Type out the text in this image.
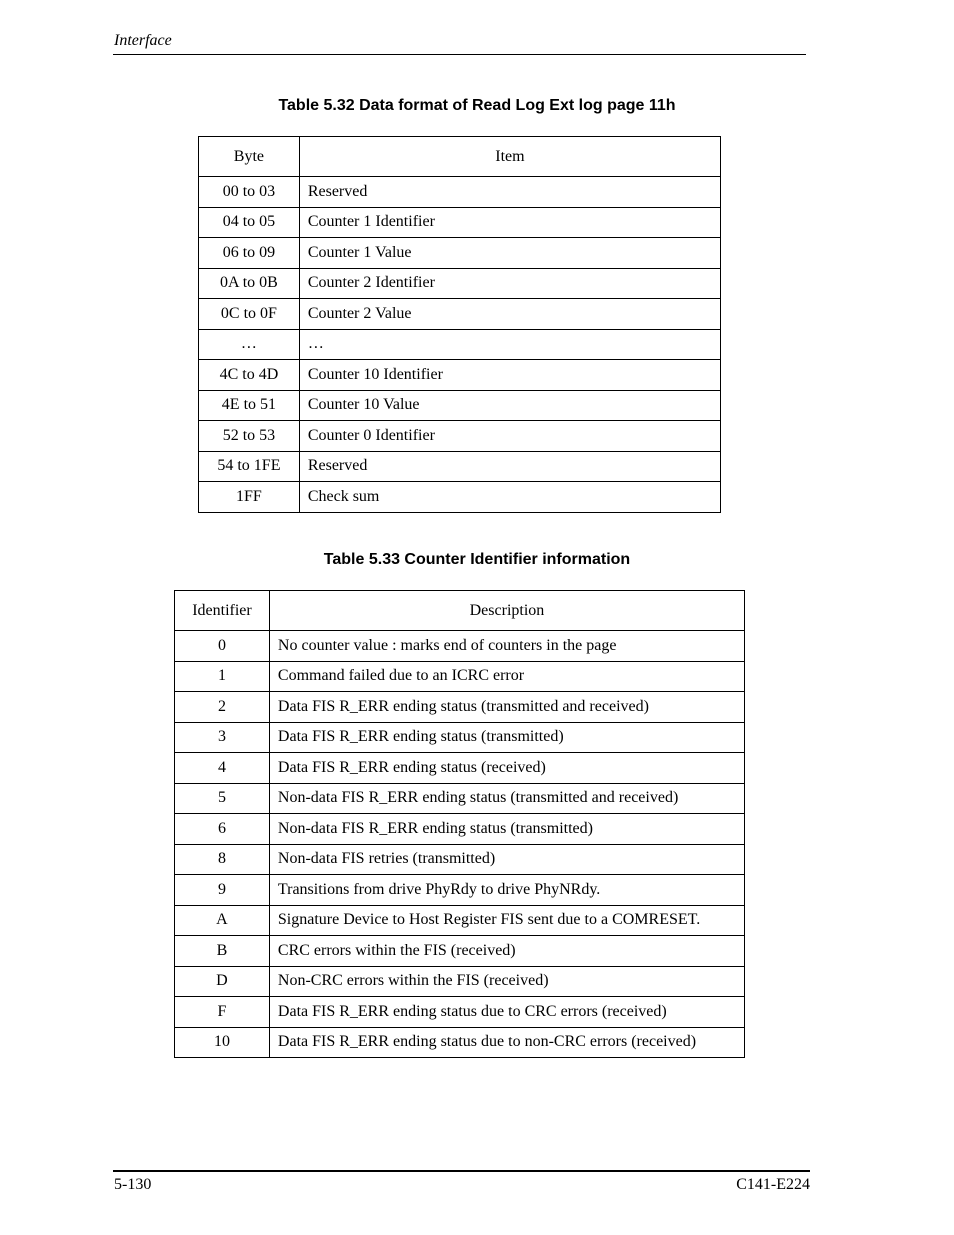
Interface
Table 5.32 Data format of Read Log Ext log page 11h
Byte	Item
00 to 03	Reserved
04 to 05	Counter 1 Identifier
06 to 09	Counter 1 Value
0A to 0B	Counter 2 Identifier
0C to 0F	Counter 2 Value
…	…
4C to 4D	Counter 10 Identifier
4E to 51	Counter 10 Value
52 to 53	Counter 0 Identifier
54 to 1FE	Reserved
1FF	Check sum
Table 5.33 Counter Identifier information
Identifier	Description
0	No counter value : marks end of counters in the page
1	Command failed due to an ICRC error
2	Data FIS R_ERR ending status (transmitted and received)
3	Data FIS R_ERR ending status (transmitted)
4	Data FIS R_ERR ending status (received)
5	Non-data FIS R_ERR ending status (transmitted and received)
6	Non-data FIS R_ERR ending status (transmitted)
8	Non-data FIS retries (transmitted)
9	Transitions from drive PhyRdy to drive PhyNRdy.
A	Signature Device to Host Register FIS sent due to a COMRESET.
B	CRC errors within the FIS (received)
D	Non-CRC errors within the FIS (received)
F	Data FIS R_ERR ending status due to CRC errors (received)
10	Data FIS R_ERR ending status due to non-CRC errors (received)
5-130	C141-E224
